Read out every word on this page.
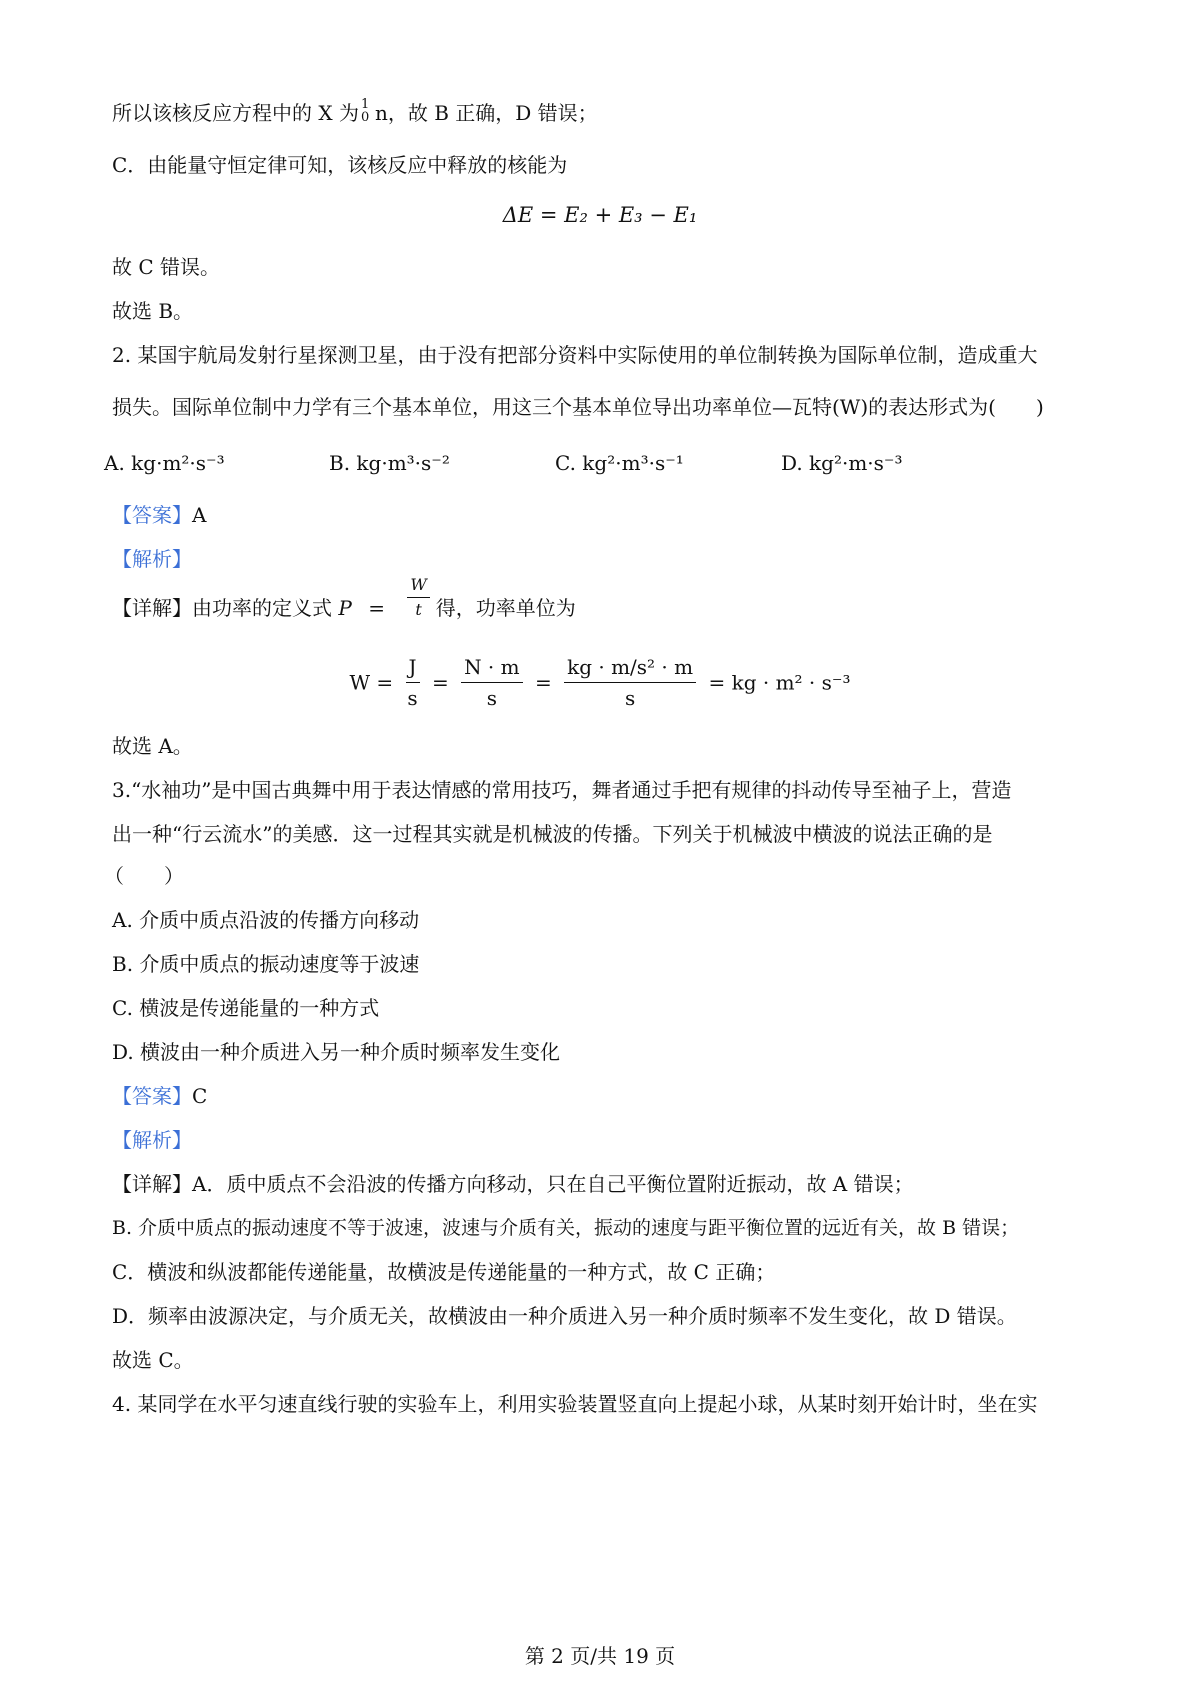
所以该核反应方程中的 X 为 1
0 n，故 B 正确，D 错误；
C．由能量守恒定律可知，该核反应中释放的核能为
ΔE = E₂ + E₃ − E₁
故 C 错误。
故选 B。
2. 某国宇航局发射行星探测卫星，由于没有把部分资料中实际使用的单位制转换为国际单位制，造成重大
损失。国际单位制中力学有三个基本单位，用这三个基本单位导出功率单位—瓦特(W)的表达形式为(　　)
A. kg·m²·s⁻³	B. kg·m³·s⁻²	C. kg²·m³·s⁻¹	D. kg²·m·s⁻³
【答案】A
【解析】
【详解】由功率的定义式 $P = \frac{W}{t}$ 得，功率单位为
$W = \frac{J}{s} = \frac{N \cdot m}{s} = \frac{\text{kg · m/s² · m}}{s}$ = kg · m² · s⁻³
故选 A。
3.“水袖功”是中国古典舞中用于表达情感的常用技巧，舞者通过手把有规律的抖动传导至袖子上，营造
出一种“行云流水”的美感．这一过程其实就是机械波的传播。下列关于机械波中横波的说法正确的是
（　　）
A. 介质中质点沿波的传播方向移动
B. 介质中质点的振动速度等于波速
C. 横波是传递能量的一种方式
D. 横波由一种介质进入另一种介质时频率发生变化
【答案】C
【解析】
【详解】A．质中质点不会沿波的传播方向移动，只在自己平衡位置附近振动，故 A 错误；
B. 介质中质点的振动速度不等于波速，波速与介质有关，振动的速度与距平衡位置的远近有关，故 B 错误；
C．横波和纵波都能传递能量，故横波是传递能量的一种方式，故 C 正确；
D．频率由波源决定，与介质无关，故横波由一种介质进入另一种介质时频率不发生变化，故 D 错误。
故选 C。
4. 某同学在水平匀速直线行驶的实验车上，利用实验装置竖直向上提起小球，从某时刻开始计时，坐在实
第 2 页/共 19 页
